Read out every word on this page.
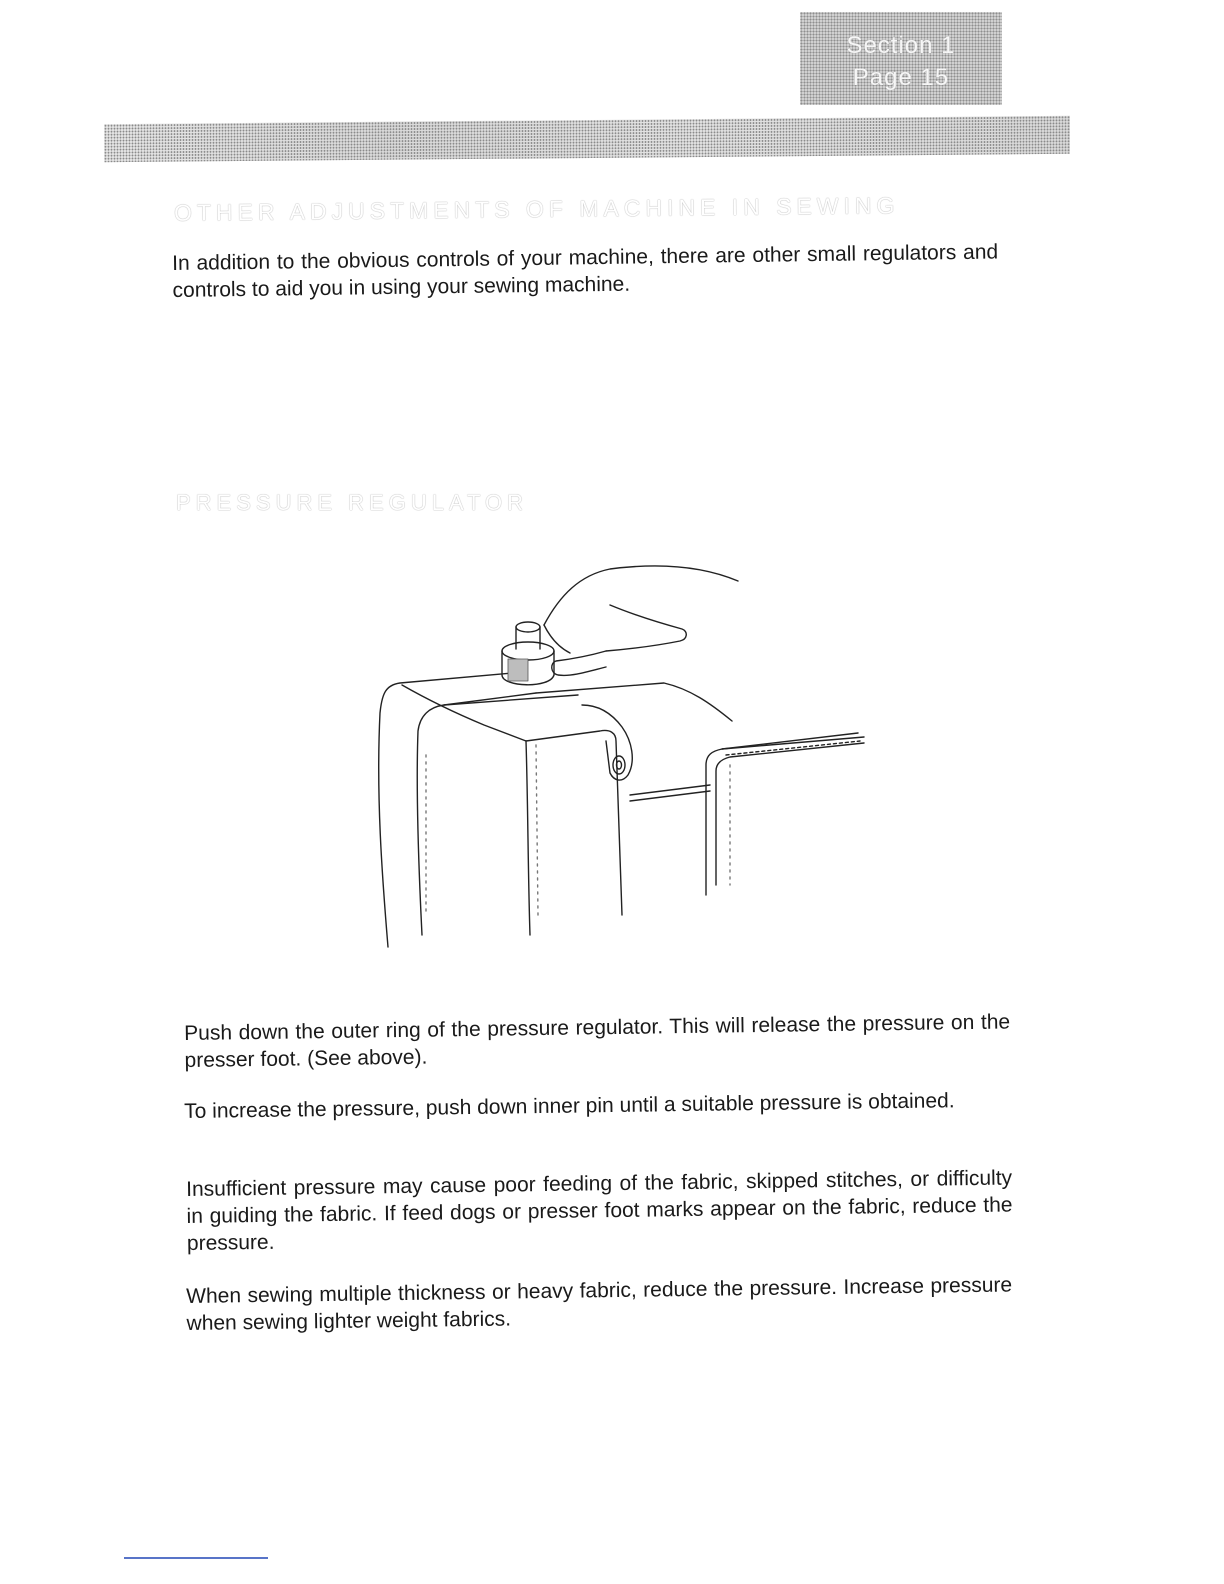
Section 1
Page 15
OTHER ADJUSTMENTS OF MACHINE IN SEWING

In addition to the obvious controls of your machine, there are other small regulators and controls to aid you in using your sewing machine.

PRESSURE REGULATOR

Push down the outer ring of the pressure regulator. This will release the pressure on the presser foot. (See above).

To increase the pressure, push down inner pin until a suitable pressure is obtained.

Insufficient pressure may cause poor feeding of the fabric, skipped stitches, or difficulty in guiding the fabric. If feed dogs or presser foot marks appear on the fabric, reduce the pressure.

When sewing multiple thickness or heavy fabric, reduce the pressure. Increase pressure when sewing lighter weight fabrics.
